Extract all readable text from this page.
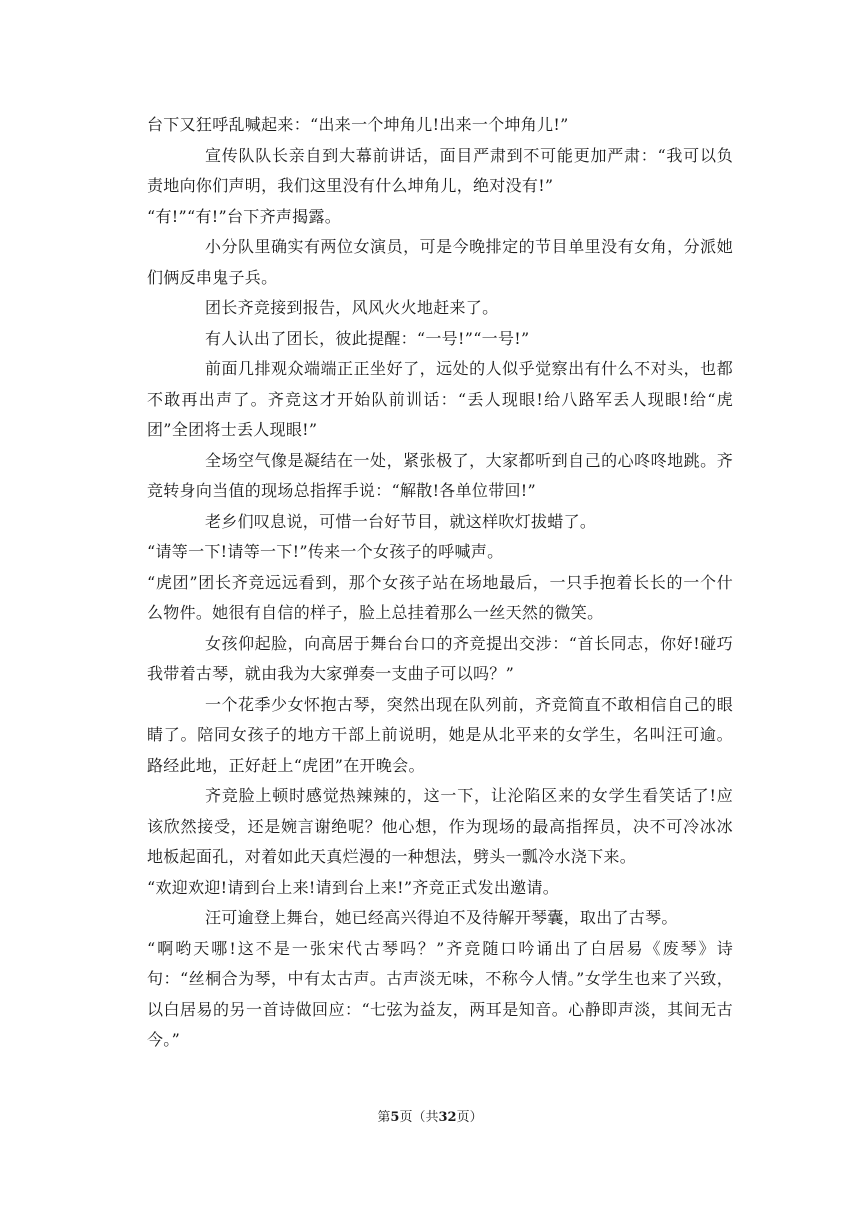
台下又狂呼乱喊起来：“出来一个坤角儿!出来一个坤角儿!”

宣传队队长亲自到大幕前讲话，面目严肃到不可能更加严肃：“我可以负责地向你们声明，我们这里没有什么坤角儿，绝对没有!”

“有!”“有!”台下齐声揭露。

小分队里确实有两位女演员，可是今晚排定的节目单里没有女角，分派她们俩反串鬼子兵。

团长齐竞接到报告，风风火火地赶来了。

有人认出了团长，彼此提醒：“一号!”“一号!”

前面几排观众端端正正坐好了，远处的人似乎觉察出有什么不对头，也都不敢再出声了。齐竞这才开始队前训话：“丢人现眼!给八路军丢人现眼!给“虎团”全团将士丢人现眼!”

全场空气像是凝结在一处，紧张极了，大家都听到自己的心咚咚地跳。齐竞转身向当值的现场总指挥手说：“解散!各单位带回!”

老乡们叹息说，可惜一台好节目，就这样吹灯拔蜡了。

“请等一下!请等一下!”传来一个女孩子的呼喊声。

“虎团”团长齐竞远远看到，那个女孩子站在场地最后，一只手抱着长长的一个什么物件。她很有自信的样子，脸上总挂着那么一丝天然的微笑。

女孩仰起脸，向高居于舞台台口的齐竞提出交涉：“首长同志，你好!碰巧我带着古琴，就由我为大家弹奏一支曲子可以吗？”

一个花季少女怀抱古琴，突然出现在队列前，齐竞简直不敢相信自己的眼睛了。陪同女孩子的地方干部上前说明，她是从北平来的女学生，名叫汪可逾。路经此地，正好赶上“虎团”在开晚会。

齐竞脸上顿时感觉热辣辣的，这一下，让沦陷区来的女学生看笑话了!应该欣然接受，还是婉言谢绝呢？他心想，作为现场的最高指挥员，决不可冷冰冰地板起面孔，对着如此天真烂漫的一种想法，劈头一瓢冷水浇下来。

“欢迎欢迎!请到台上来!请到台上来!”齐竞正式发出邀请。

汪可逾登上舞台，她已经高兴得迫不及待解开琴囊，取出了古琴。

“啊哟天哪!这不是一张宋代古琴吗？”齐竞随口吟诵出了白居易《废琴》诗句：“丝桐合为琴，中有太古声。古声淡无味，不称今人情。”女学生也来了兴致，以白居易的另一首诗做回应：“七弦为益友，两耳是知音。心静即声淡，其间无古今。”

第5页（共32页）
